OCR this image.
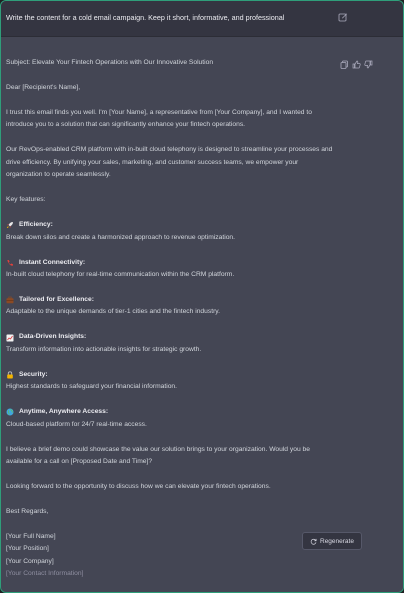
Write the content for a cold email campaign. Keep it short, informative, and professional

Subject: Elevate Your Fintech Operations with Our Innovative Solution

Dear [Recipient's Name],

I trust this email finds you well. I'm [Your Name], a representative from [Your Company], and I wanted to introduce you to a solution that can significantly enhance your fintech operations.

Our RevOps-enabled CRM platform with in-built cloud telephony is designed to streamline your processes and drive efficiency. By unifying your sales, marketing, and customer success teams, we empower your organization to operate seamlessly.

Key features:

Efficiency:
Break down silos and create a harmonized approach to revenue optimization.
Instant Connectivity:
In-built cloud telephony for real-time communication within the CRM platform.
Tailored for Excellence:
Adaptable to the unique demands of tier-1 cities and the fintech industry.
Data-Driven Insights:
Transform information into actionable insights for strategic growth.
Security:
Highest standards to safeguard your financial information.
Anytime, Anywhere Access:
Cloud-based platform for 24/7 real-time access.

I believe a brief demo could showcase the value our solution brings to your organization. Would you be available for a call on [Proposed Date and Time]?

Looking forward to the opportunity to discuss how we can elevate your fintech operations.

Best Regards,

[Your Full Name]
[Your Position]
[Your Company]
[Your Contact Information]
Regenerate
